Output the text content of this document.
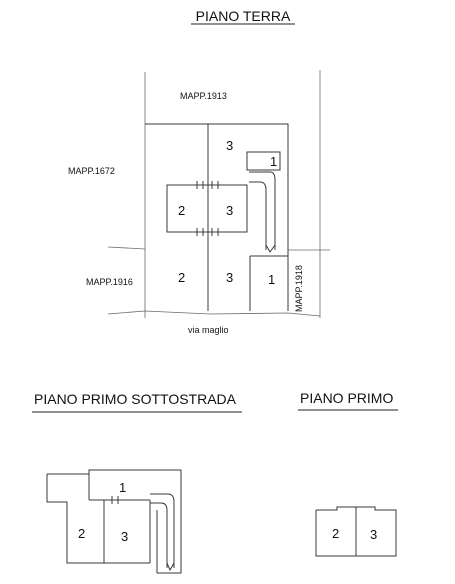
PIANO TERRA
MAPP.1913
MAPP.1672
MAPP.1916	MAPP.1918
via maglio
3
1
2	3
2	3	1
PIANO PRIMO SOTTOSTRADA
1
2	3
PIANO PRIMO
2 3
